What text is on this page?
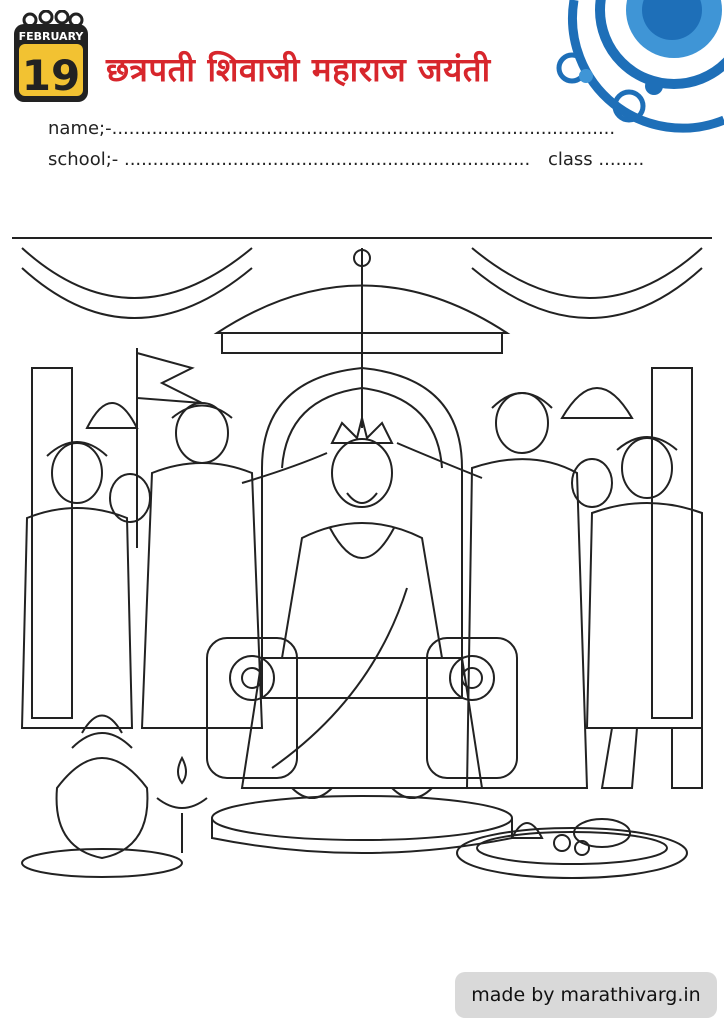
FEBRUARY
19 छत्रपती शिवाजी महाराज जयंती
name;-........................................................................................
school;- ....................................................................... class ........
made by marathivarg.in
